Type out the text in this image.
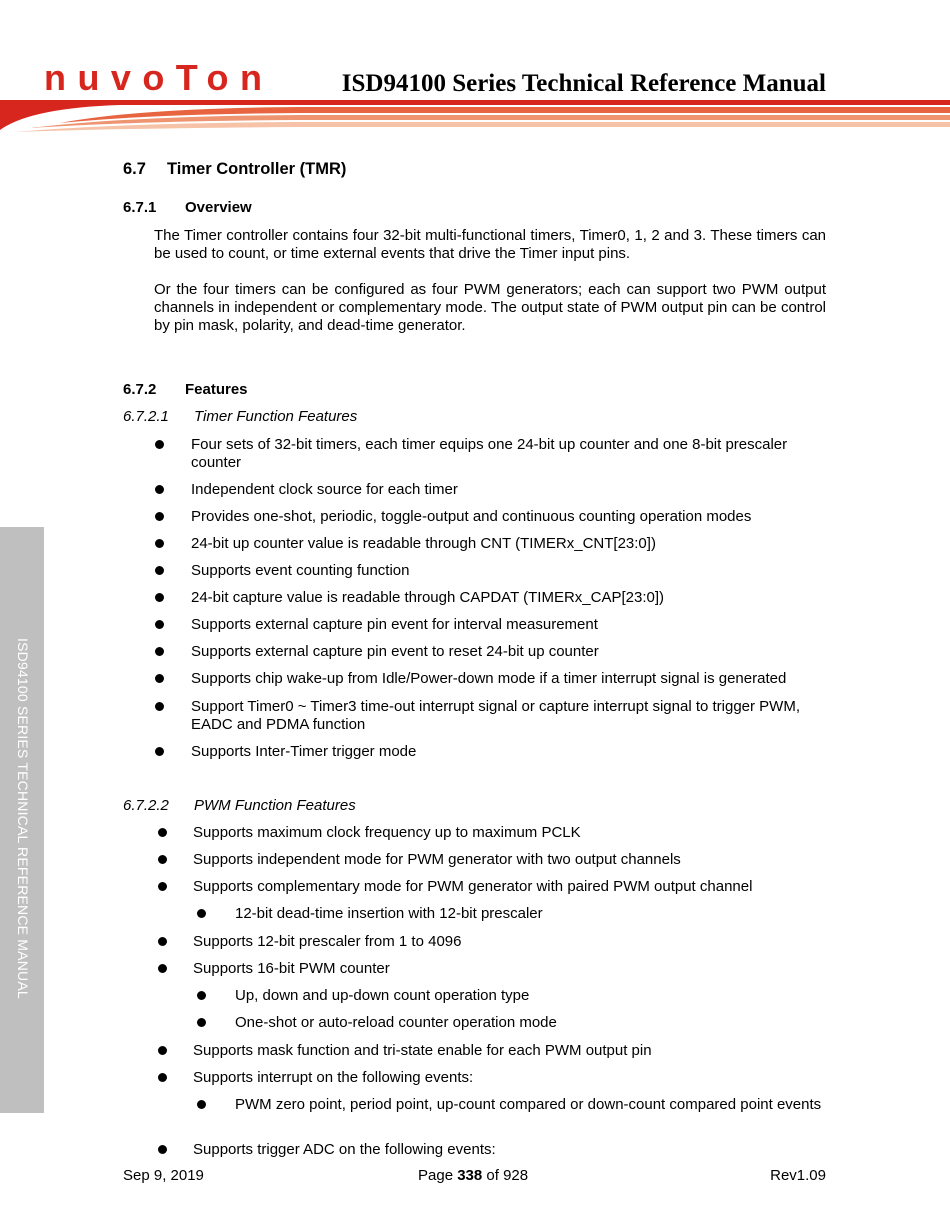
nuvoTon	ISD94100 Series Technical Reference Manual
ISD94100 SERIES TECHNICAL REFERENCE MANUAL
6.7 Timer Controller (TMR)
6.7.1 Overview
The Timer controller contains four 32-bit multi-functional timers, Timer0, 1, 2 and 3. These timers can be used to count, or time external events that drive the Timer input pins.
Or the four timers can be configured as four PWM generators; each can support two PWM output channels in independent or complementary mode. The output state of PWM output pin can be control by pin mask, polarity, and dead-time generator.
6.7.2 Features
6.7.2.1 Timer Function Features
Four sets of 32-bit timers, each timer equips one 24-bit up counter and one 8-bit prescaler counter
Independent clock source for each timer
Provides one-shot, periodic, toggle-output and continuous counting operation modes
24-bit up counter value is readable through CNT (TIMERx_CNT[23:0])
Supports event counting function
24-bit capture value is readable through CAPDAT (TIMERx_CAP[23:0])
Supports external capture pin event for interval measurement
Supports external capture pin event to reset 24-bit up counter
Supports chip wake-up from Idle/Power-down mode if a timer interrupt signal is generated
Support Timer0 ~ Timer3 time-out interrupt signal or capture interrupt signal to trigger PWM, EADC and PDMA function
Supports Inter-Timer trigger mode
6.7.2.2 PWM Function Features
Supports maximum clock frequency up to maximum PCLK
Supports independent mode for PWM generator with two output channels
Supports complementary mode for PWM generator with paired PWM output channel
12-bit dead-time insertion with 12-bit prescaler
Supports 12-bit prescaler from 1 to 4096
Supports 16-bit PWM counter
Up, down and up-down count operation type
One-shot or auto-reload counter operation mode
Supports mask function and tri-state enable for each PWM output pin
Supports interrupt on the following events:
PWM zero point, period point, up-count compared or down-count compared point events
Supports trigger ADC on the following events:
Sep 9, 2019	Page 338 of 928	Rev1.09
